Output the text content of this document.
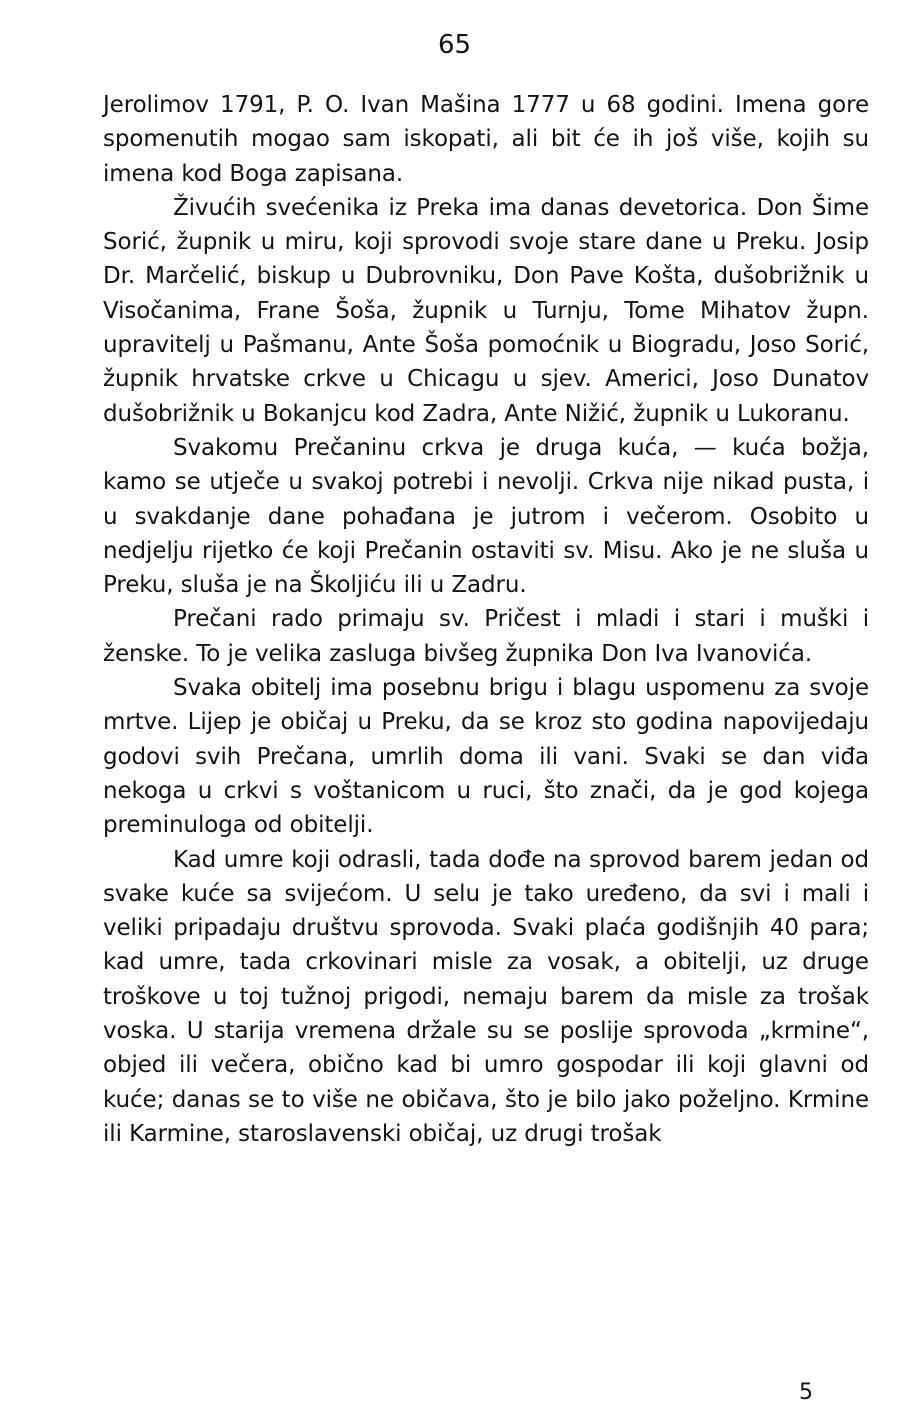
65

Jerolimov 1791, P. O. Ivan Mašina 1777 u 68 godini. Imena gore spomenutih mogao sam iskopati, ali bit će ih još više, kojih su imena kod Boga zapisana.

Živućih svećenika iz Preka ima danas devetorica. Don Šime Sorić, župnik u miru, koji sprovodi svoje stare dane u Preku. Josip Dr. Marčelić, biskup u Dubrovniku, Don Pave Košta, dušobrižnik u Visočanima, Frane Šoša, župnik u Turnju, Tome Mihatov župn. upravitelj u Pašmanu, Ante Šoša pomoćnik u Biogradu, Joso Sorić, župnik hrvatske crkve u Chicagu u sjev. Americi, Joso Dunatov dušobrižnik u Bokanjcu kod Zadra, Ante Nižić, župnik u Lukoranu.

Svakomu Prečaninu crkva je druga kuća, — kuća božja, kamo se utječe u svakoj potrebi i nevolji. Crkva nije nikad pusta, i u svakdanje dane pohađana je jutrom i večerom. Osobito u nedjelju rijetko će koji Prečanin ostaviti sv. Misu. Ako je ne sluša u Preku, sluša je na Školjiću ili u Zadru.

Prečani rado primaju sv. Pričest i mladi i stari i muški i ženske. To je velika zasluga bivšeg župnika Don Iva Ivanovića.

Svaka obitelj ima posebnu brigu i blagu uspomenu za svoje mrtve. Lijep je običaj u Preku, da se kroz sto godina napovijedaju godovi svih Prečana, umrlih doma ili vani. Svaki se dan viđa nekoga u crkvi s voštanicom u ruci, što znači, da je god kojega preminuloga od obitelji.

Kad umre koji odrasli, tada dođe na sprovod barem jedan od svake kuće sa svijećom. U selu je tako uređeno, da svi i mali i veliki pripadaju društvu sprovoda. Svaki plaća godišnjih 40 para; kad umre, tada crkovinari misle za vosak, a obitelji, uz druge troškove u toj tužnoj prigodi, nemaju barem da misle za trošak voska. U starija vremena držale su se poslije sprovoda „krmine“, objed ili večera, obično kad bi umro gospodar ili koji glavni od kuće; danas se to više ne običava, što je bilo jako poželjno. Krmine ili Karmine, staroslavenski običaj, uz drugi trošak

5
